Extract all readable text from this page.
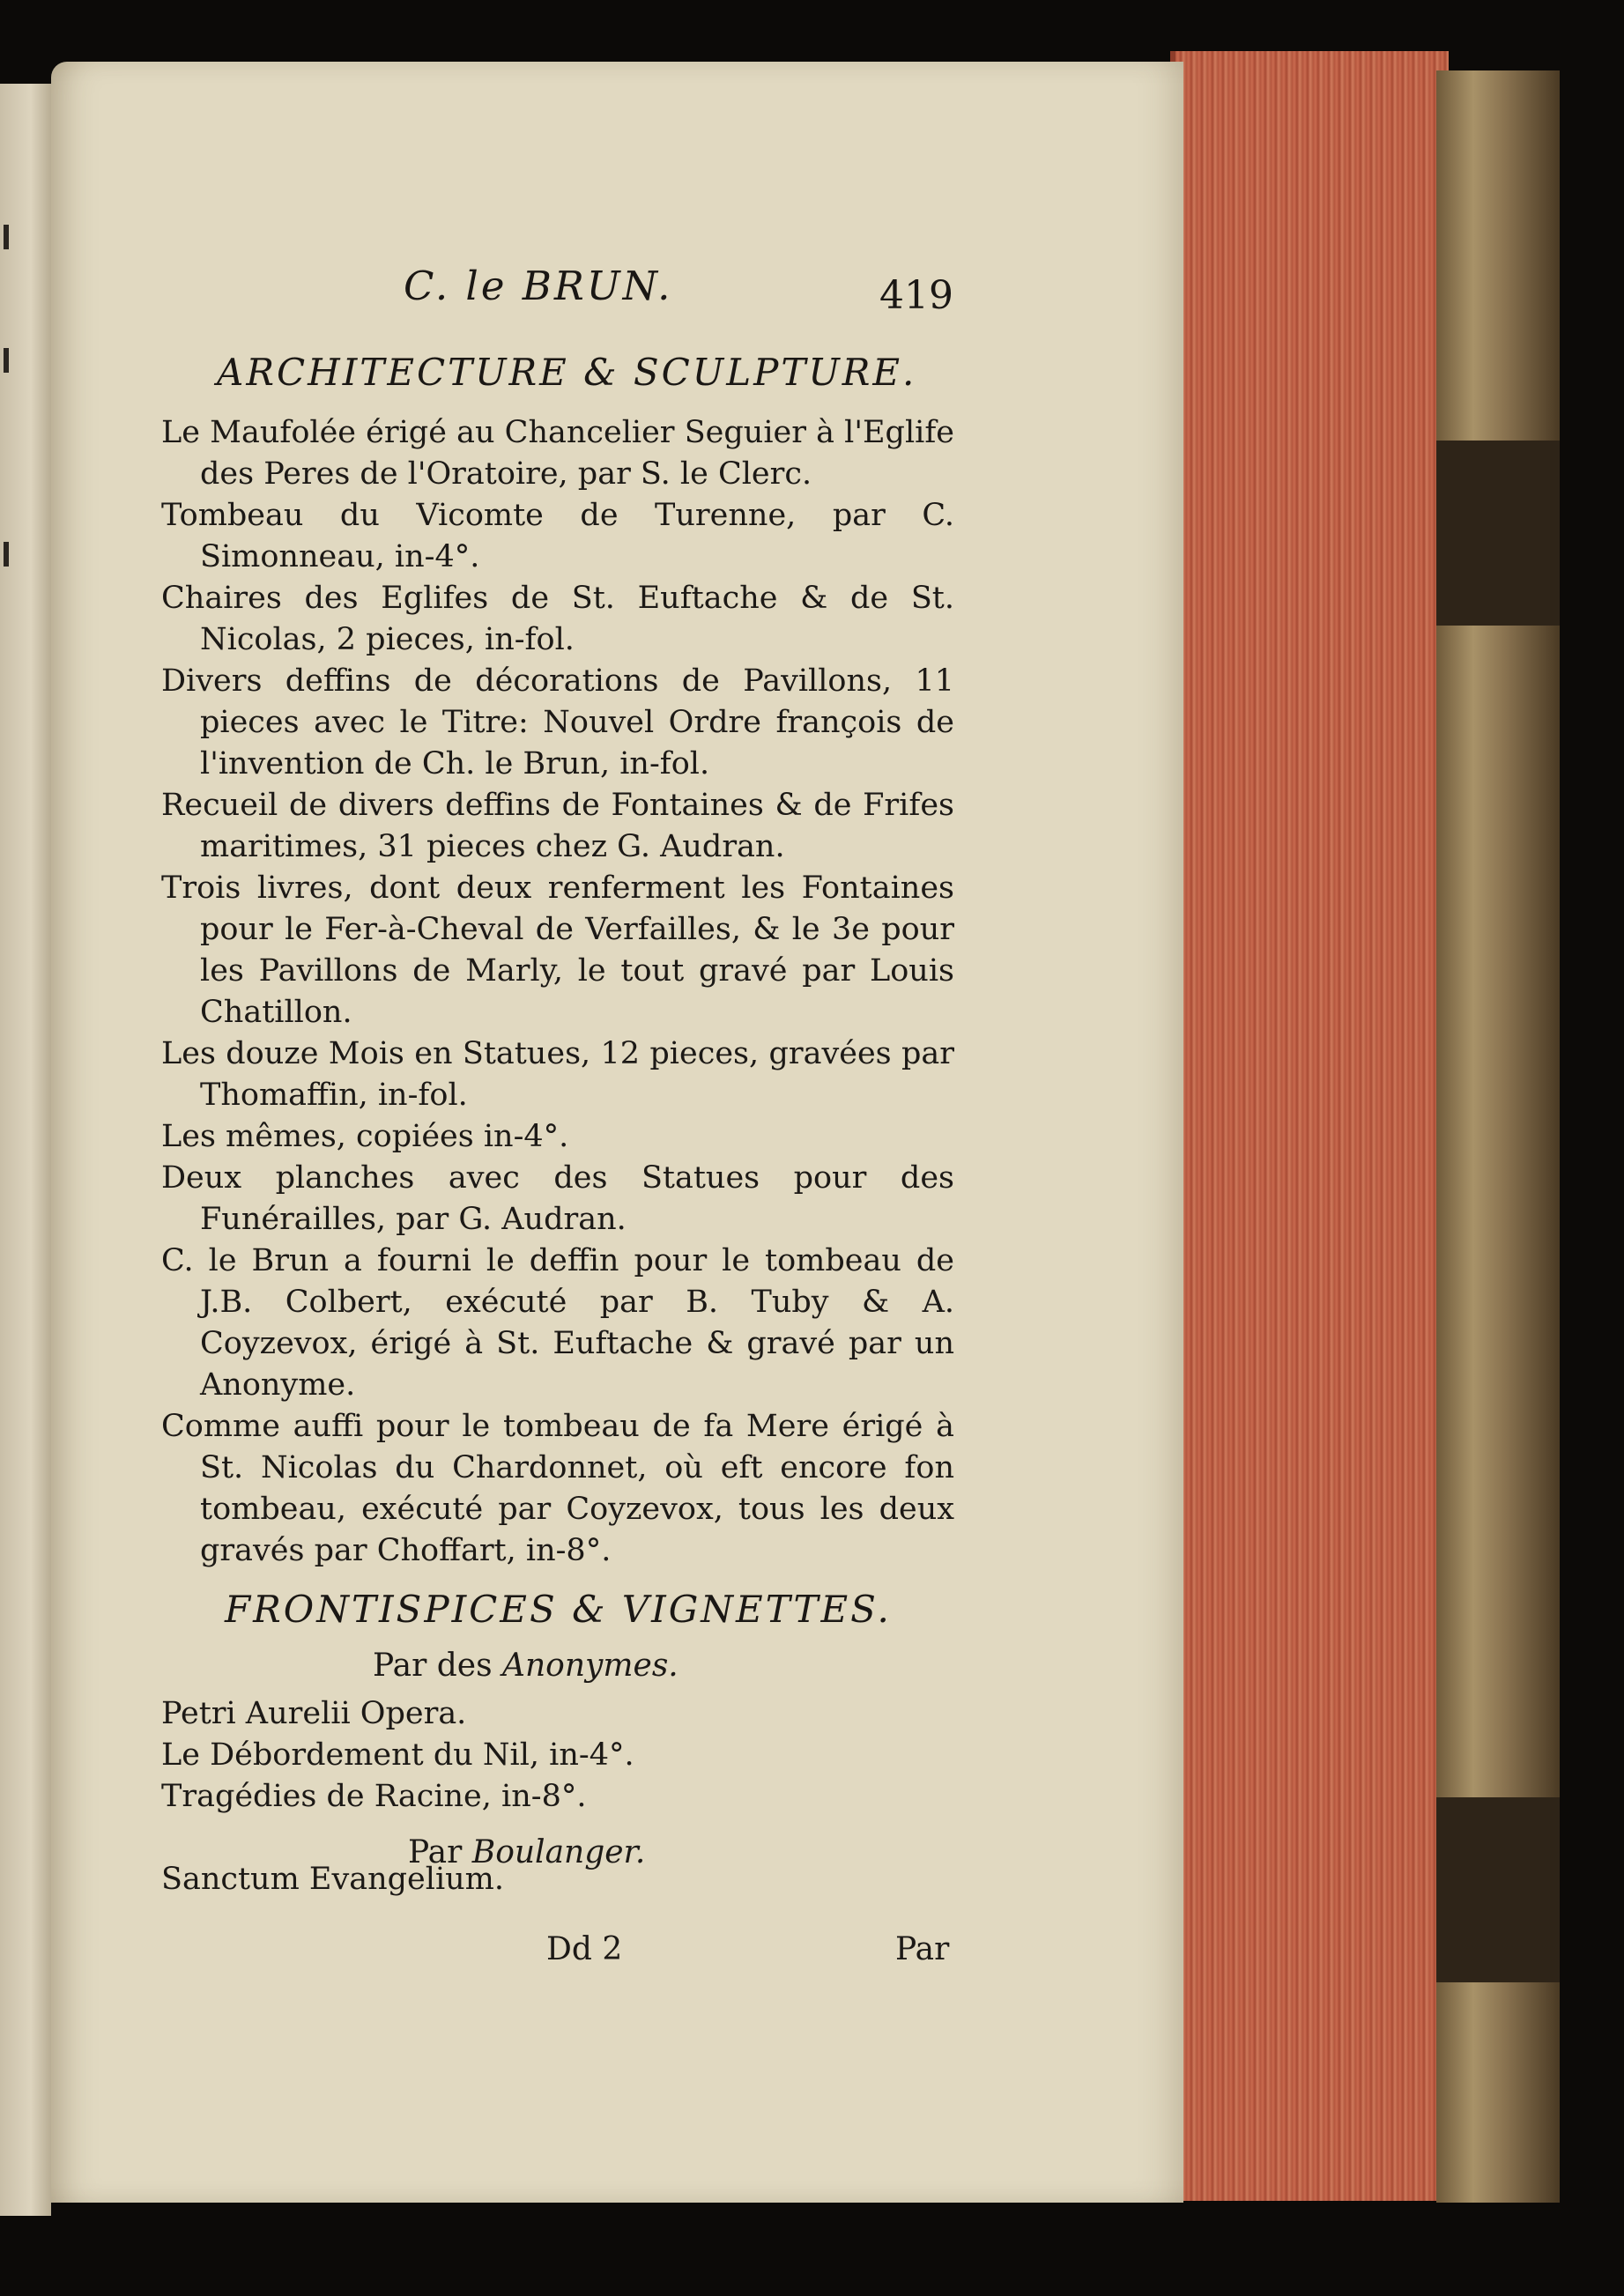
C. le BRUN.	419
ARCHITECTURE & SCULPTURE.
Le Maufolée érigé au Chancelier Seguier à l'Eglife des Peres de l'Oratoire, par S. le Clerc.
Tombeau du Vicomte de Turenne, par C. Simonneau, in-4°.
Chaires des Eglifes de St. Euftache & de St. Nicolas, 2 pieces, in-fol.
Divers deffins de décorations de Pavillons, 11 pieces avec le Titre: Nouvel Ordre françois de l'invention de Ch. le Brun, in-fol.
Recueil de divers deffins de Fontaines & de Frifes maritimes, 31 pieces chez G. Audran.
Trois livres, dont deux renferment les Fontaines pour le Fer-à-Cheval de Verfailles, & le 3e pour les Pavillons de Marly, le tout gravé par Louis Chatillon.
Les douze Mois en Statues, 12 pieces, gravées par Thomaffin, in-fol.
Les mêmes, copiées in-4°.
Deux planches avec des Statues pour des Funérailles, par G. Audran.
C. le Brun a fourni le deffin pour le tombeau de J.B. Colbert, exécuté par B. Tuby & A. Coyzevox, érigé à St. Euftache & gravé par un Anonyme.
Comme auffi pour le tombeau de fa Mere érigé à St. Nicolas du Chardonnet, où eft encore fon tombeau, exécuté par Coyzevox, tous les deux gravés par Choffart, in-8°.
FRONTISPICES & VIGNETTES.

Par des Anonymes.

Petri Aurelii Opera.
Le Débordement du Nil, in-4°.
Tragédies de Racine, in-8°.
Sanctum Evangelium.

Par Boulanger.

Dd 2	Par
